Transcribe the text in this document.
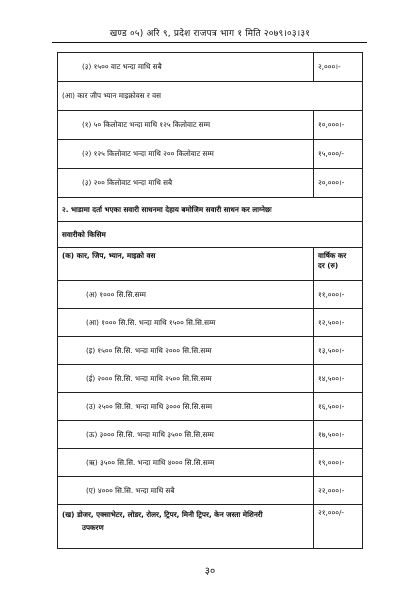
खण्ड ०५) अरि ९, प्रदेश राजपत्र भाग १ मिति २०७९।०३।३१
(३) १५०० वाट भन्दा माथि सबै	२,०००।-
(आ) कार जीप भ्यान माइक्रोवस र वस	
(१) ५० किलोवाट भन्दा माथि १२५ किलोवाट सम्म	१०,०००।-
(२) १२५ किलोवाट भन्दा माथि २०० किलोवाट सम्म	१५,०००/-
(३) २०० किलोवाट भन्दा माथि सबै	२०,०००।-
२. भाडामा दर्ता भएका सवारी साधनमा देहाय बमोजिम सवारी साधन कर लाग्नेछः	
सवारीको किसिम	
(क) कार, जिप, भ्यान, माइक्रो वस	वार्षिक कर
दर (रु)

(अ) १००० सि.सि.सम्म	११,०००।-
(आ) १००० सि.सि. भन्दा माथि १५०० सि.सि.सम्म	१२,५००।-
(इ) १५०० सि.सि. भन्दा माथि २००० सि.सि.सम्म	१३,५००।-
(ई) २००० सि.सि. भन्दा माथि २५०० सि.सि.सम्म	१४,५००।-
(उ) २५०० सि.सि. भन्दा माथि ३००० सि.सि.सम्म	१६,५००।-
(ऊ) ३००० सि.सि. भन्दा माथि ३५०० सि.सि.सम्म	१७,५००।-
(ऋ) ३५०० सि.सि. भन्दा माथि ४००० सि.सि.सम्म	१९,०००।-
(ए) ४००० सि.सि. भन्दा माथि सबै	२२,०००।-

(ख) डोजर, एक्साभेटर, लोडर, रोलर, ट्रिपर, मिनी ट्रिपर, केन जस्ता मेशिनरी
उपकरण	२१,०००/-
३०
